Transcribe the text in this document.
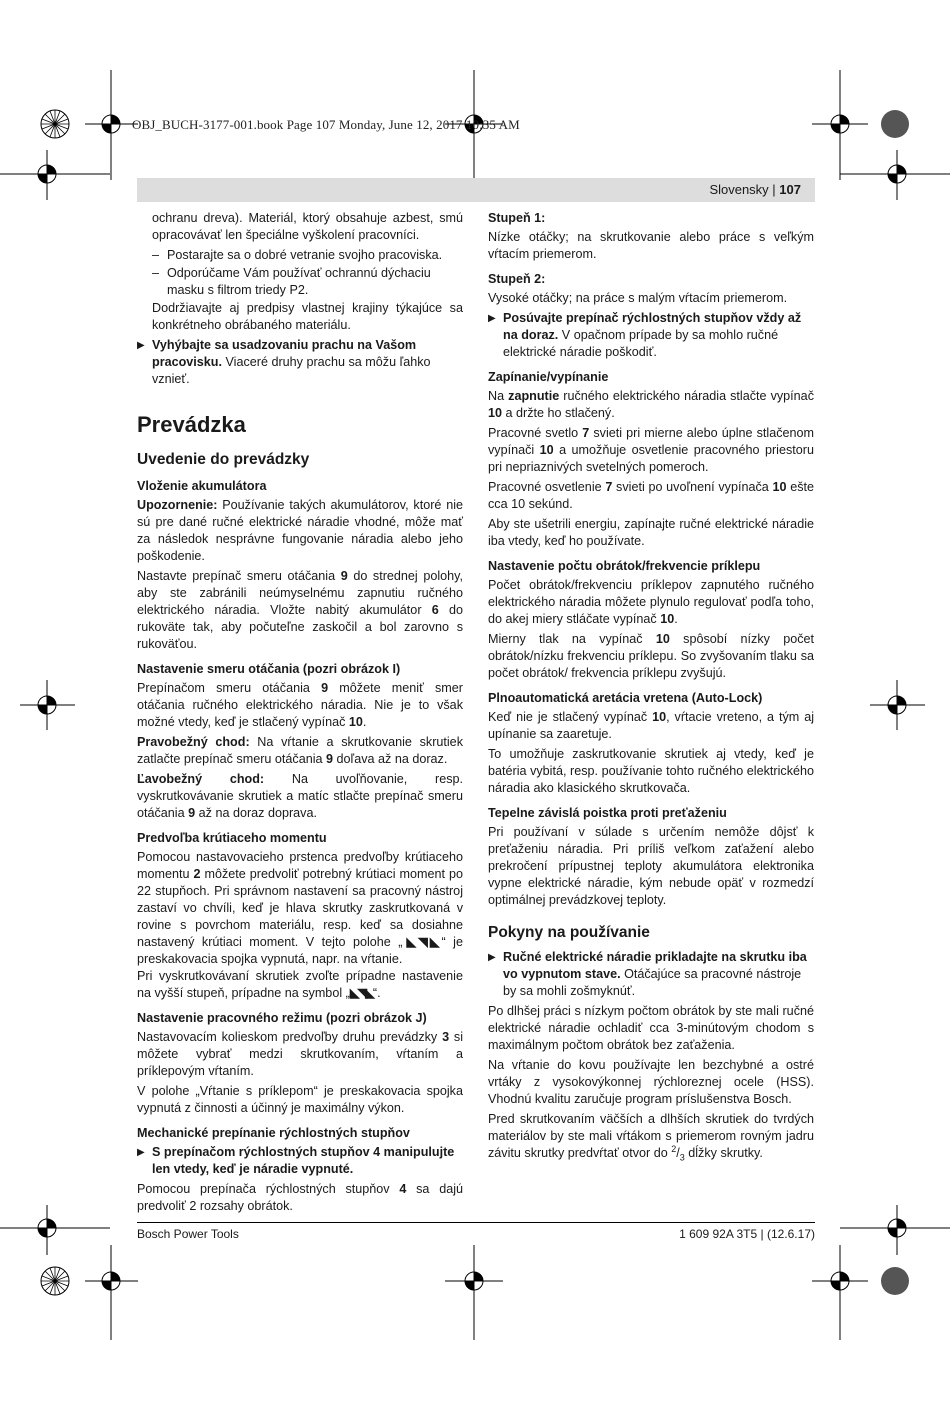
OBJ_BUCH-3177-001.book Page 107 Monday, June 12, 2017 10:35 AM
Slovensky | 107

ochranu dreva). Materiál, ktorý obsahuje azbest, smú opracovávať len špeciálne vyškolení pracovníci.

– Postarajte sa o dobré vetranie svojho pracoviska.
– Odporúčame Vám používať ochrannú dýchaciu masku s filtrom triedy P2.

Dodržiavajte aj predpisy vlastnej krajiny týkajúce sa konkrétneho obrábaného materiálu.

▶ Vyhýbajte sa usadzovaniu prachu na Vašom pracovisku. Viaceré druhy prachu sa môžu ľahko vznieť.
Prevádzka
Uvedenie do prevádzky
Vloženie akumulátora

Upozornenie: Používanie takých akumulátorov, ktoré nie sú pre dané ručné elektrické náradie vhodné, môže mať za následok nesprávne fungovanie náradia alebo jeho poškodenie.

Nastavte prepínač smeru otáčania 9 do strednej polohy, aby ste zabránili neúmyselnému zapnutiu ručného elektrického náradia. Vložte nabitý akumulátor 6 do rukoväte tak, aby počuteľne zaskočil a bol zarovno s rukoväťou.

Nastavenie smeru otáčania (pozri obrázok I)

Prepínačom smeru otáčania 9 môžete meniť smer otáčania ručného elektrického náradia. Nie je to však možné vtedy, keď je stlačený vypínač 10.

Pravobežný chod: Na vŕtanie a skrutkovanie skrutiek zatlačte prepínač smeru otáčania 9 doľava až na doraz.

Ľavobežný chod: Na uvoľňovanie, resp. vyskrutkovávanie skrutiek a matíc stlačte prepínač smeru otáčania 9 až na doraz doprava.

Predvoľba krútiaceho momentu

Pomocou nastavovacieho prstenca predvoľby krútiaceho momentu 2 môžete predvoliť potrebný krútiaci moment po 22 stupňoch. Pri správnom nastavení sa pracovný nástroj zastaví vo chvíli, keď je hlava skrutky zaskrutkovaná v rovine s povrchom materiálu, resp. keď sa dosiahne nastavený krútiaci moment. V tejto polohe „◣◥◣“ je preskakovacia spojka vypnutá, napr. na vŕtanie.

Pri vyskrutkovávaní skrutiek zvoľte prípadne nastavenie na vyšší stupeň, prípadne na symbol „◣◥◣“.

Nastavenie pracovného režimu (pozri obrázok J)

Nastavovacím kolieskom predvoľby druhu prevádzky 3 si môžete vybrať medzi skrutkovaním, vŕtaním a príklepovým vŕtaním.

V polohe „Vŕtanie s príklepom“ je preskakovacia spojka vypnutá z činnosti a účinný je maximálny výkon.

Mechanické prepínanie rýchlostných stupňov
▶ S prepínačom rýchlostných stupňov 4 manipulujte len vtedy, keď je náradie vypnuté.

Pomocou prepínača rýchlostných stupňov 4 sa dajú predvoliť 2 rozsahy obrátok.

Stupeň 1:

Nízke otáčky; na skrutkovanie alebo práce s veľkým vŕtacím priemerom.

Stupeň 2:

Vysoké otáčky; na práce s malým vŕtacím priemerom.

▶ Posúvajte prepínač rýchlostných stupňov vždy až na doraz. V opačnom prípade by sa mohlo ručné elektrické náradie poškodiť.
Zapínanie/vypínanie

Na zapnutie ručného elektrického náradia stlačte vypínač 10 a držte ho stlačený.

Pracovné svetlo 7 svieti pri mierne alebo úplne stlačenom vypínači 10 a umožňuje osvetlenie pracovného priestoru pri nepriaznivých svetelných pomeroch.

Pracovné osvetlenie 7 svieti po uvoľnení vypínača 10 ešte cca 10 sekúnd.

Aby ste ušetrili energiu, zapínajte ručné elektrické náradie iba vtedy, keď ho používate.

Nastavenie počtu obrátok/frekvencie príklepu

Počet obrátok/frekvenciu príklepov zapnutého ručného elektrického náradia môžete plynulo regulovať podľa toho, do akej miery stláčate vypínač 10.

Mierny tlak na vypínač 10 spôsobí nízky počet obrátok/nízku frekvenciu príklepu. So zvyšovaním tlaku sa počet obrátok/ frekvencia príklepu zvyšujú.

Plnoautomatická aretácia vretena (Auto-Lock)

Keď nie je stlačený vypínač 10, vŕtacie vreteno, a tým aj upínanie sa zaaretuje.

To umožňuje zaskrutkovanie skrutiek aj vtedy, keď je batéria vybitá, resp. používanie tohto ručného elektrického náradia ako klasického skrutkovača.

Tepelne závislá poistka proti preťaženiu

Pri používaní v súlade s určením nemôže dôjsť k preťaženiu náradia. Pri príliš veľkom zaťažení alebo prekročení prípustnej teploty akumulátora elektronika vypne elektrické náradie, kým nebude opäť v rozmedzí optimálnej prevádzkovej teploty.

Pokyny na používanie
▶ Ručné elektrické náradie prikladajte na skrutku iba vo vypnutom stave. Otáčajúce sa pracovné nástroje by sa mohli zošmyknúť.

Po dlhšej práci s nízkym počtom obrátok by ste mali ručné elektrické náradie ochladiť cca 3-minútovým chodom s maximálnym počtom obrátok bez zaťaženia.

Na vŕtanie do kovu používajte len bezchybné a ostré vrtáky z vysokovýkonnej rýchloreznej ocele (HSS). Vhodnú kvalitu zaručuje program príslušenstva Bosch.

Pred skrutkovaním väčších a dlhších skrutiek do tvrdých materiálov by ste mali vŕtákom s priemerom rovným jadru závitu skrutky predvŕtať otvor do $^2/_3$ dĺžky skrutky.

Bosch Power Tools	1 609 92A 3T5 | (12.6.17)
